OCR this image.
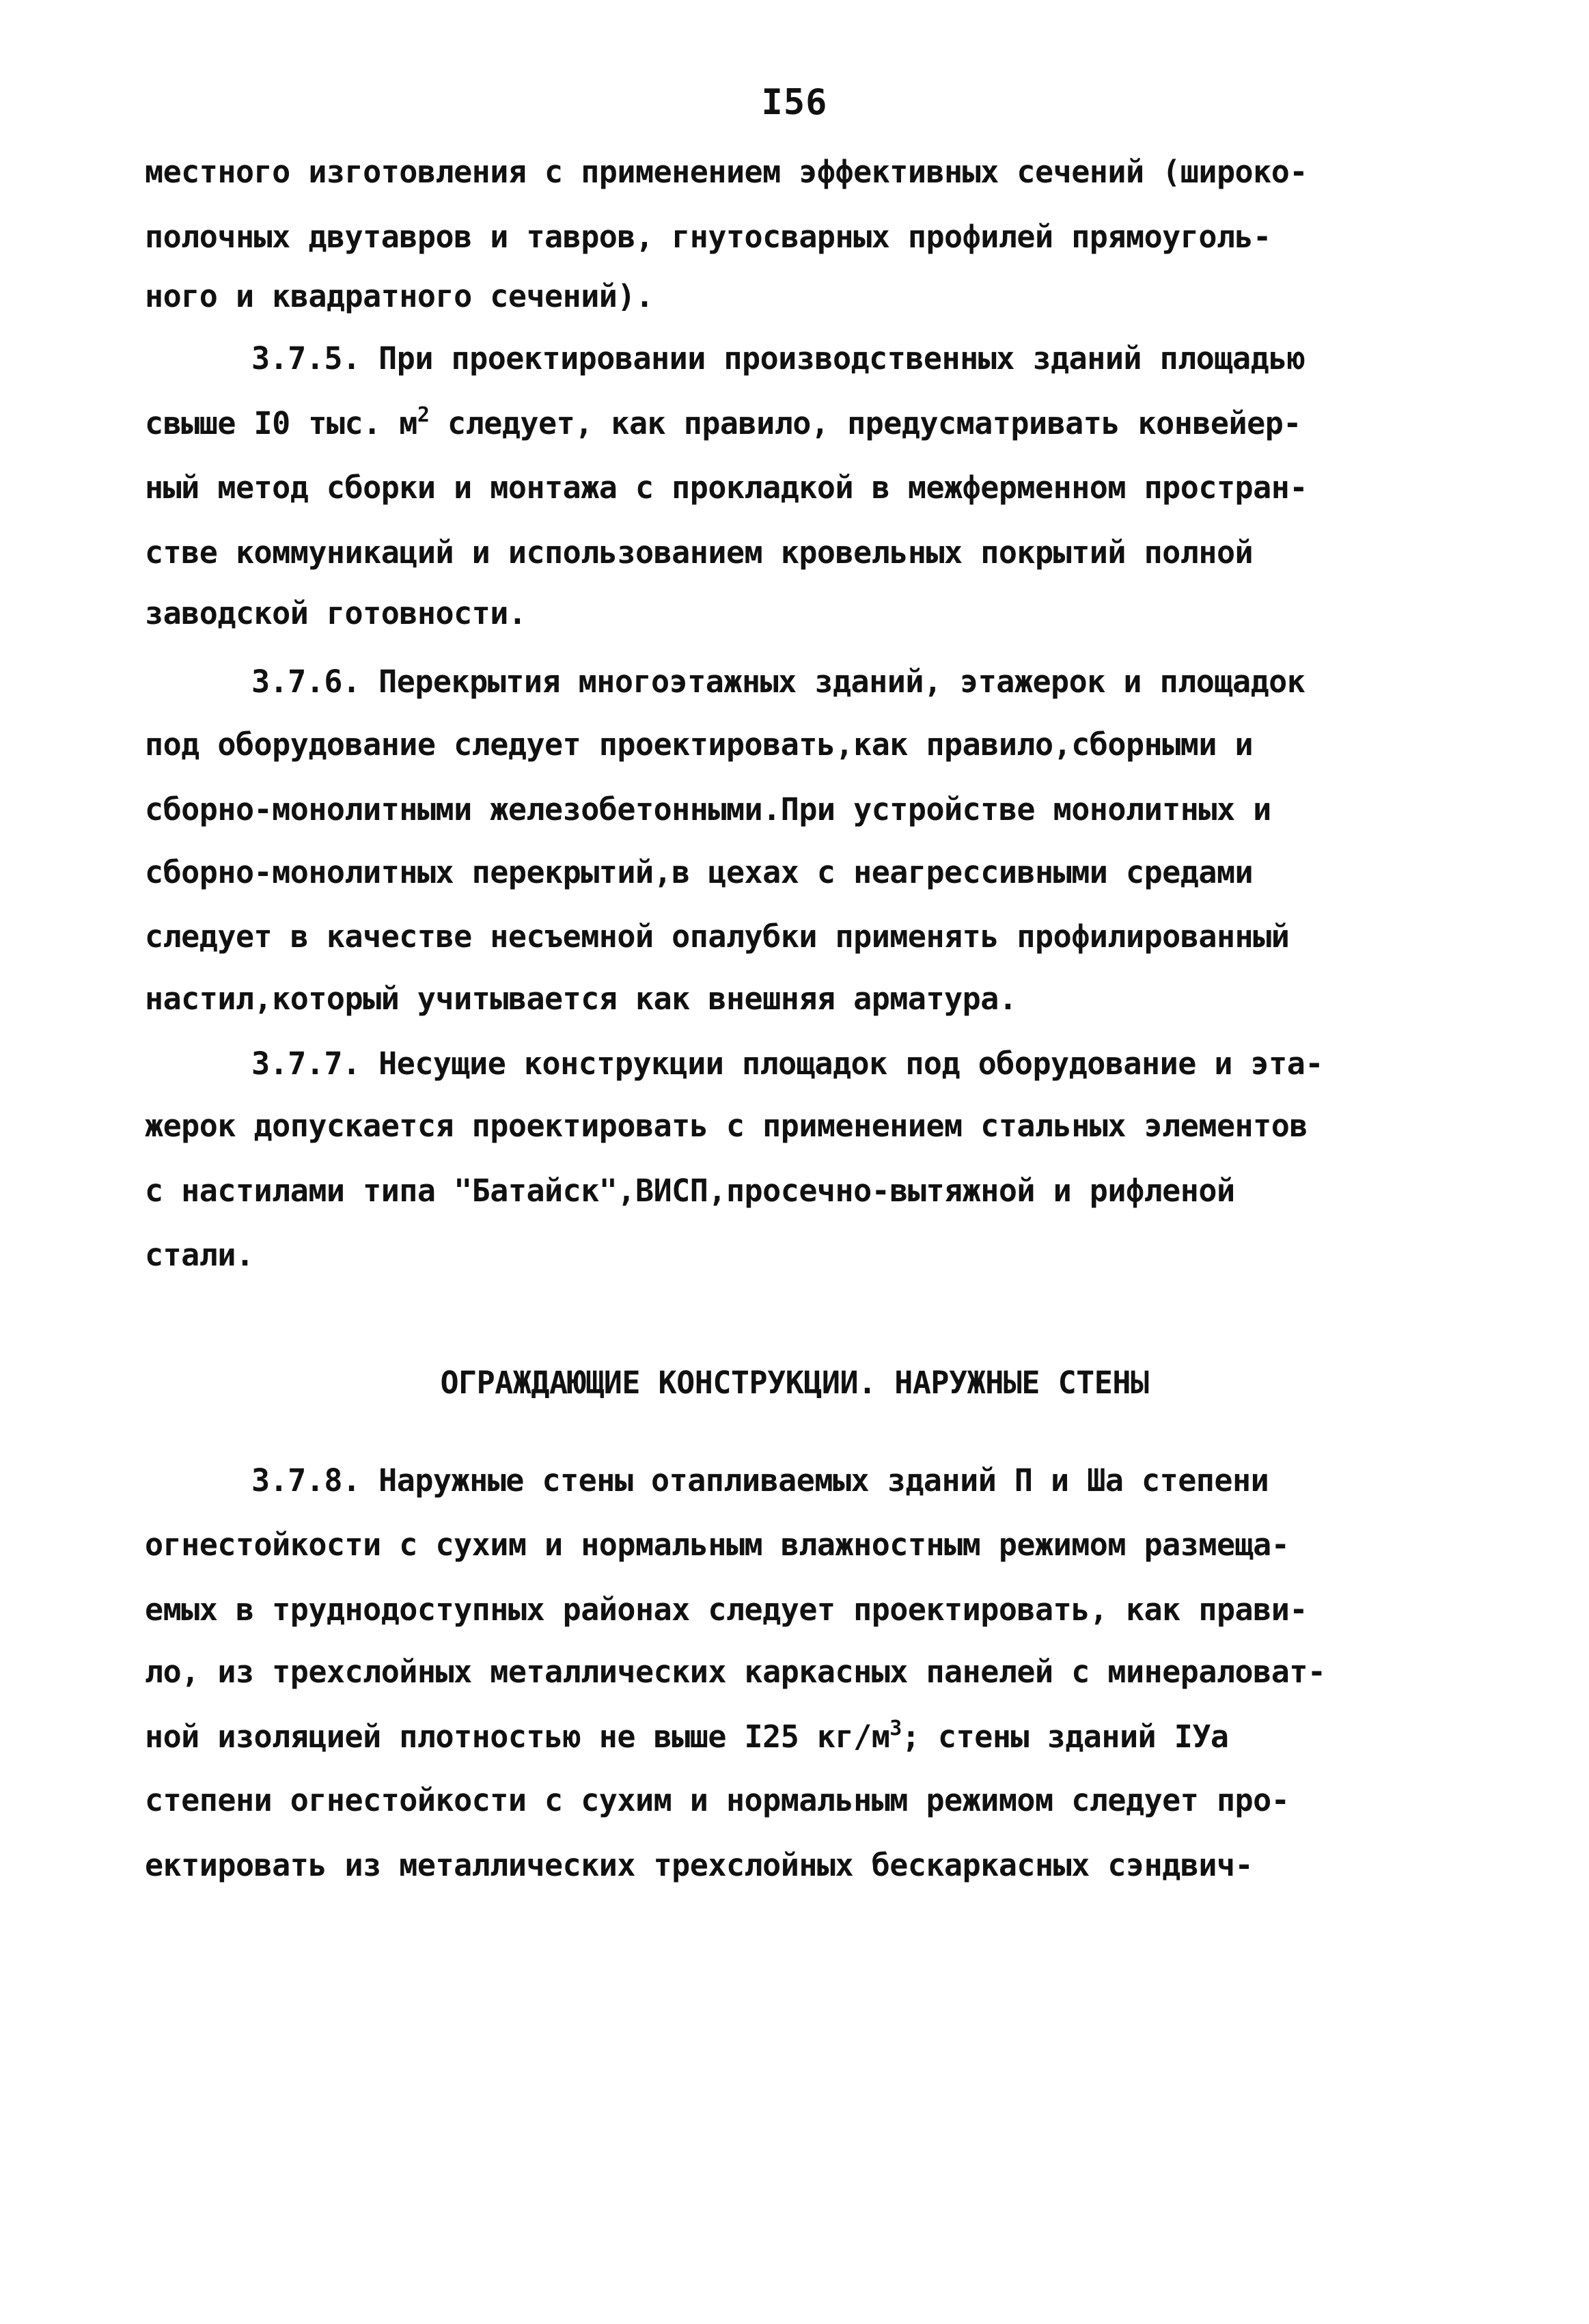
I56
местного изготовления с применением эффективных сечений (широко-
полочных двутавров и тавров, гнутосварных профилей прямоуголь-
ного и квадратного сечений).
3.7.5. При проектировании производственных зданий площадью
свыше I0 тыс. $м^2$ следует, как правило, предусматривать конвейер-
ный метод сборки и монтажа с прокладкой в межферменном простран-
стве коммуникаций и использованием кровельных покрытий полной
заводской готовности.
3.7.6. Перекрытия многоэтажных зданий, этажерок и площадок
под оборудование следует проектировать,как правило,сборными и
сборно-монолитными железобетонными.При устройстве монолитных и
сборно-монолитных перекрытий,в цехах с неагрессивными средами
следует в качестве несъемной опалубки применять профилированный
настил,который учитывается как внешняя арматура.
3.7.7. Несущие конструкции площадок под оборудование и эта-
жерок допускается проектировать с применением стальных элементов
с настилами типа "Батайск",ВИСП,просечно-вытяжной и рифленой
стали.
ОГРАЖДАЮЩИЕ КОНСТРУКЦИИ. НАРУЖНЫЕ СТЕНЫ
3.7.8. Наружные стены отапливаемых зданий П и Шa степени
огнестойкости с сухим и нормальным влажностным режимом размеща-
емых в труднодоступных районах следует проектировать, как прави-
ло, из трехслойных металлических каркасных панелей с минераловат-
ной изоляцией плотностью не выше I25 $кг/м^3$; стены зданий IУа
степени огнестойкости с сухим и нормальным режимом следует про-
ектировать из металлических трехслойных бескаркасных сэндвич-
